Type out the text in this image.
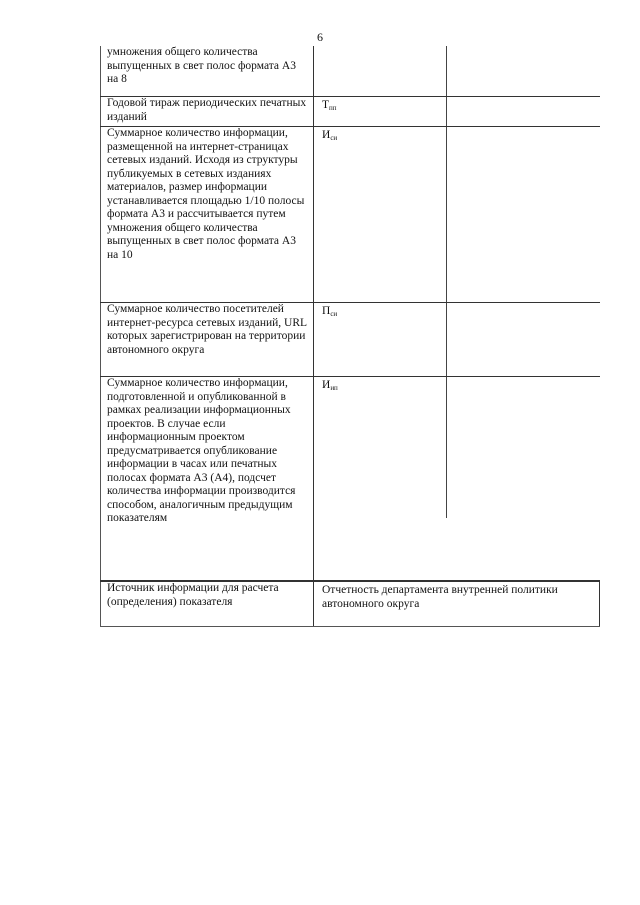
6
умножения общего количества выпущенных в свет полос формата А3 на 8
Годовой тираж периодических печатных изданий
$Т_{пп}$
Суммарное количество информации, размещенной на интернет-страницах сетевых изданий. Исходя из структуры публикуемых в сетевых изданиях материалов, размер информации устанавливается площадью 1/10 полосы формата А3 и рассчитывается путем умножения общего количества выпущенных в свет полос формата А3 на 10
$И_{си}$
Суммарное количество посетителей интернет-ресурса сетевых изданий, URL которых зарегистрирован на территории автономного округа
$П_{си}$
Суммарное количество информации, подготовленной и опубликованной в рамках реализации информационных проектов. В случае если информационным проектом предусматривается опубликование информации в часах или печатных полосах формата А3 (А4), подсчет количества информации производится способом, аналогичным предыдущим показателям
$И_{ип}$
Источник информации для расчета (определения) показателя
Отчетность департамента внутренней политики автономного округа
